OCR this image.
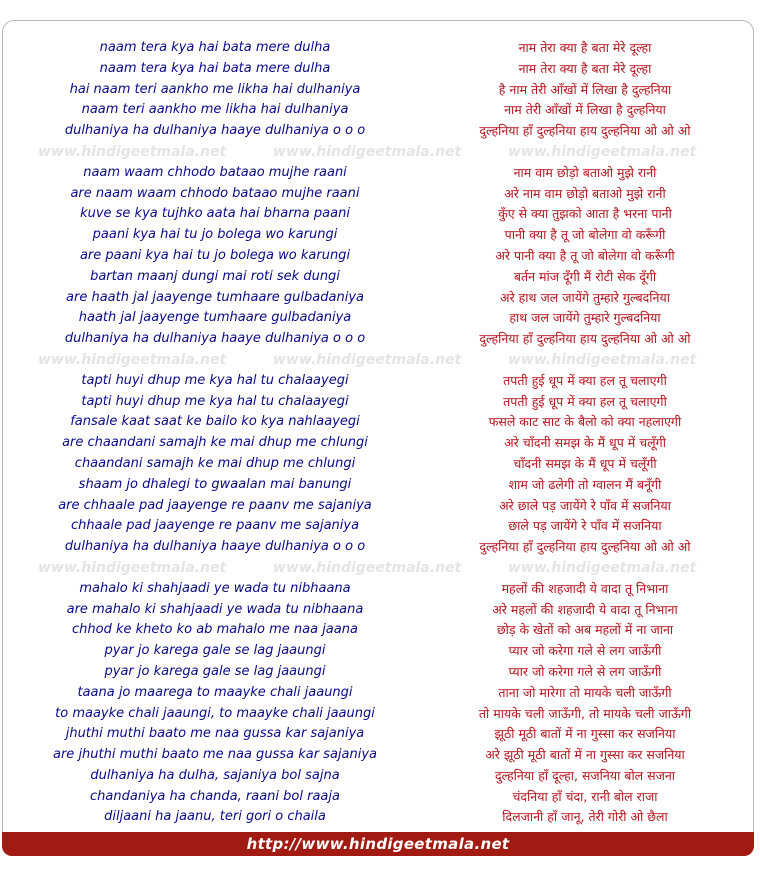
naam tera kya hai bata mere dulha	नाम तेरा क्या है बता मेरे दूल्हा
naam tera kya hai bata mere dulha	नाम तेरा क्या है बता मेरे दूल्हा
hai naam teri aankho me likha hai dulhaniya	है नाम तेरी आँखों में लिखा है दुल्हनिया
naam teri aankho me likha hai dulhaniya	नाम तेरी आँखों में लिखा है दुल्हनिया
dulhaniya ha dulhaniya haaye dulhaniya o o o	दुल्हनिया हाँ दुल्हनिया हाय दुल्हनिया ओ ओ ओ
www.hindigeetmala.net	www.hindigeetmala.net	www.hindigeetmala.net
naam waam chhodo bataao mujhe raani	नाम वाम छोड़ो बताओ मुझे रानी
are naam waam chhodo bataao mujhe raani	अरे नाम वाम छोड़ो बताओ मुझे रानी
kuve se kya tujhko aata hai bharna paani	कुँए से क्या तुझको आता है भरना पानी
paani kya hai tu jo bolega wo karungi	पानी क्या है तू जो बोलेगा वो करूँगी
are paani kya hai tu jo bolega wo karungi	अरे पानी क्या है तू जो बोलेगा वो करूँगी
bartan maanj dungi mai roti sek dungi	बर्तन मांज दूँगी मैं रोटी सेक दूँगी
are haath jal jaayenge tumhaare gulbadaniya	अरे हाथ जल जायेंगे तुम्हारे गुल्बदनिया
haath jal jaayenge tumhaare gulbadaniya	हाथ जल जायेंगे तुम्हारे गुल्बदनिया
dulhaniya ha dulhaniya haaye dulhaniya o o o	दुल्हनिया हाँ दुल्हनिया हाय दुल्हनिया ओ ओ ओ
www.hindigeetmala.net	www.hindigeetmala.net	www.hindigeetmala.net
tapti huyi dhup me kya hal tu chalaayegi	तपती हुई धूप में क्या हल तू चलाएगी
tapti huyi dhup me kya hal tu chalaayegi	तपती हुई धूप में क्या हल तू चलाएगी
fansale kaat saat ke bailo ko kya nahlaayegi	फसले काट साट के बैलो को क्या नहलाएगी
are chaandani samajh ke mai dhup me chlungi	अरे चाँदनी समझ के मैं धूप में चलूँगी
chaandani samajh ke mai dhup me chlungi	चाँदनी समझ के मैं धूप में चलूँगी
shaam jo dhalegi to gwaalan mai banungi	शाम जो ढलेगी तो ग्वालन मैं बनूँगी
are chhaale pad jaayenge re paanv me sajaniya	अरे छाले पड़ जायेंगे रे पाँव में सजनिया
chhaale pad jaayenge re paanv me sajaniya	छाले पड़ जायेंगे रे पाँव में सजनिया
dulhaniya ha dulhaniya haaye dulhaniya o o o	दुल्हनिया हाँ दुल्हनिया हाय दुल्हनिया ओ ओ ओ
www.hindigeetmala.net	www.hindigeetmala.net	www.hindigeetmala.net
mahalo ki shahjaadi ye wada tu nibhaana	महलों की शहजादी ये वादा तू निभाना
are mahalo ki shahjaadi ye wada tu nibhaana	अरे महलों की शहजादी ये वादा तू निभाना
chhod ke kheto ko ab mahalo me naa jaana	छोड़ के खेतों को अब महलों में ना जाना
pyar jo karega gale se lag jaaungi	प्यार जो करेगा गले से लग जाऊँगी
pyar jo karega gale se lag jaaungi	प्यार जो करेगा गले से लग जाऊँगी
taana jo maarega to maayke chali jaaungi	ताना जो मारेगा तो मायके चली जाऊँगी
to maayke chali jaaungi, to maayke chali jaaungi	तो मायके चली जाऊँगी, तो मायके चली जाऊँगी
jhuthi muthi baato me naa gussa kar sajaniya	झूठी मूठी बातों में ना गुस्सा कर सजनिया
are jhuthi muthi baato me naa gussa kar sajaniya	अरे झूठी मूठी बातों में ना गुस्सा कर सजनिया
dulhaniya ha dulha, sajaniya bol sajna	दुल्हनिया हाँ दूल्हा, सजनिया बोल सजना
chandaniya ha chanda, raani bol raaja	चंदनिया हाँ चंदा, रानी बोल राजा
diljaani ha jaanu, teri gori o chaila	दिलजानी हाँ जानू, तेरी गोरी ओ छैला
http://www.hindigeetmala.net
